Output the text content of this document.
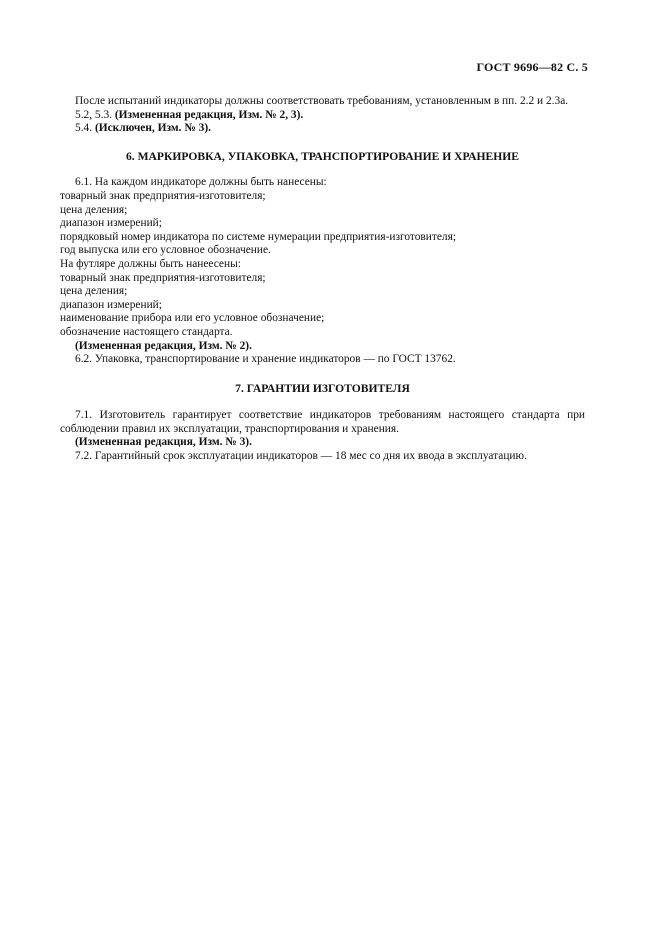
ГОСТ 9696—82 С. 5

После испытаний индикаторы должны соответствовать требованиям, установленным в пп. 2.2 и 2.3а.

5.2, 5.3. (Измененная редакция, Изм. № 2, 3).

5.4. (Исключен, Изм. № 3).

6. МАРКИРОВКА, УПАКОВКА, ТРАНСПОРТИРОВАНИЕ И ХРАНЕНИЕ

6.1. На каждом индикаторе должны быть нанесены:

товарный знак предприятия-изготовителя;

цена деления;

диапазон измерений;

порядковый номер индикатора по системе нумерации предприятия-изготовителя;

год выпуска или его условное обозначение.

На футляре должны быть нанеесены:

товарный знак предприятия-изготовителя;

цена деления;

диапазон измерений;

наименование прибора или его условное обозначение;

обозначение настоящего стандарта.

(Измененная редакция, Изм. № 2).

6.2. Упаковка, транспортирование и хранение индикаторов — по ГОСТ 13762.

7. ГАРАНТИИ ИЗГОТОВИТЕЛЯ

7.1. Изготовитель гарантирует соответствие индикаторов требованиям настоящего стандарта при соблюдении правил их эксплуатации, транспортирования и хранения.

(Измененная редакция, Изм. № 3).

7.2. Гарантийный срок эксплуатации индикаторов — 18 мес со дня их ввода в эксплуатацию.
